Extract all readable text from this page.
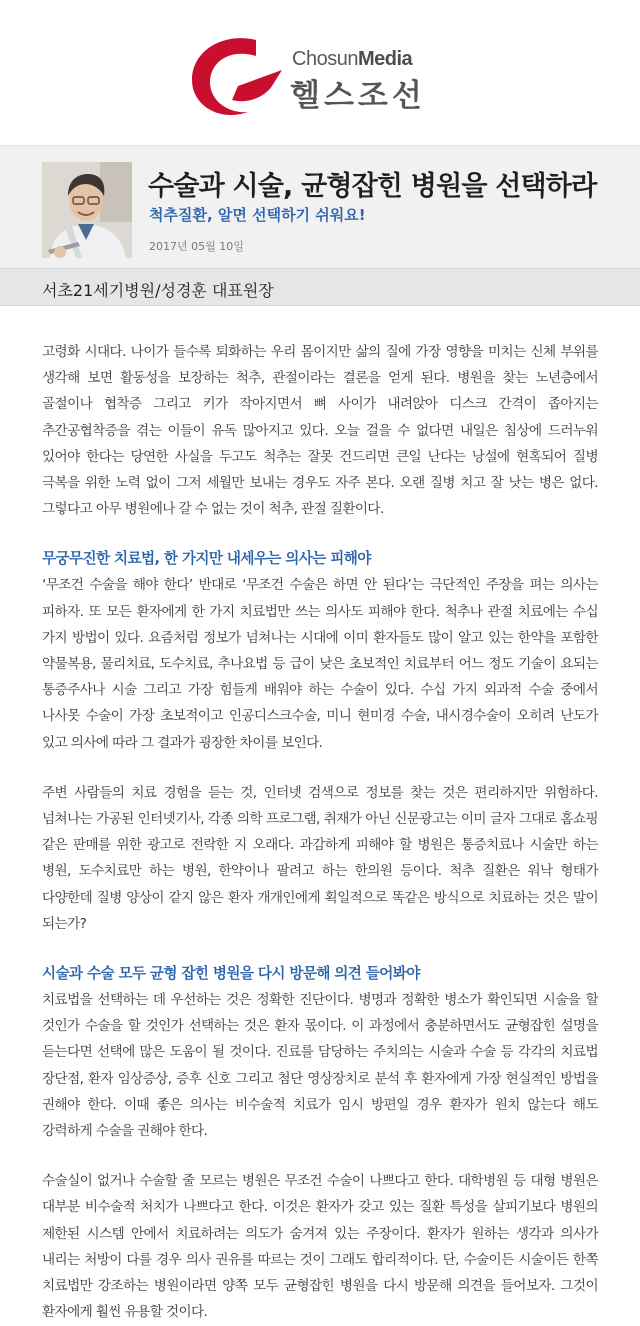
ChosunMedia
헬스조선
수술과 시술, 균형잡힌 병원을 선택하라
척추질환, 알면 선택하기 쉬워요!
2017년 05월 10일
서초21세기병원/성경훈 대표원장

고령화 시대다. 나이가 들수록 퇴화하는 우리 몸이지만 삶의 질에 가장 영향을 미치는 신체 부위를 생각해 보면 활동성을 보장하는 척추, 관절이라는 결론을 얻게 된다. 병원을 찾는 노년층에서 골절이나 협착증 그리고 키가 작아지면서 뼈 사이가 내려앉아 디스크 간격이 좁아지는 추간공협착증을 겪는 이들이 유독 많아지고 있다. 오늘 걸을 수 없다면 내일은 침상에 드러누워 있어야 한다는 당연한 사실을 두고도 척추는 잘못 건드리면 큰일 난다는 낭설에 현혹되어 질병 극복을 위한 노력 없이 그저 세월만 보내는 경우도 자주 본다. 오랜 질병 치고 잘 낫는 병은 없다. 그렇다고 아무 병원에나 갈 수 없는 것이 척추, 관절 질환이다.

무궁무진한 치료법, 한 가지만 내세우는 의사는 피해야

‘무조건 수술을 해야 한다’ 반대로 ‘무조건 수술은 하면 안 된다’는 극단적인 주장을 펴는 의사는 피하자. 또 모든 환자에게 한 가지 치료법만 쓰는 의사도 피해야 한다. 척추나 관절 치료에는 수십 가지 방법이 있다. 요즘처럼 정보가 넘쳐나는 시대에 이미 환자들도 많이 알고 있는 한약을 포함한 약물복용, 물리치료, 도수치료, 추나요법 등 급이 낮은 초보적인 치료부터 어느 정도 기술이 요되는 통증주사나 시술 그리고 가장 힘들게 배워야 하는 수술이 있다. 수십 가지 외과적 수술 중에서 나사못 수술이 가장 초보적이고 인공디스크수술, 미니 현미경 수술, 내시경수술이 오히려 난도가 있고 의사에 따라 그 결과가 굉장한 차이를 보인다.

주변 사람들의 치료 경험을 듣는 것, 인터넷 검색으로 정보를 찾는 것은 편리하지만 위험하다. 넘쳐나는 가공된 인터넷기사, 각종 의학 프로그램, 취재가 아닌 신문광고는 이미 글자 그대로 홈쇼핑 같은 판매를 위한 광고로 전락한 지 오래다. 과감하게 피해야 할 병원은 통증치료나 시술만 하는 병원, 도수치료만 하는 병원, 한약이나 팔려고 하는 한의원 등이다. 척추 질환은 워낙 형태가 다양한데 질병 양상이 같지 않은 환자 개개인에게 획일적으로 똑같은 방식으로 치료하는 것은 말이 되는가?

시술과 수술 모두 균형 잡힌 병원을 다시 방문해 의견 들어봐야

치료법을 선택하는 데 우선하는 것은 정확한 진단이다. 병명과 정확한 병소가 확인되면 시술을 할 것인가 수술을 할 것인가 선택하는 것은 환자 몫이다. 이 과정에서 충분하면서도 균형잡힌 설명을 듣는다면 선택에 많은 도움이 될 것이다. 진료를 담당하는 주치의는 시술과 수술 등 각각의 치료법 장단점, 환자 임상증상, 증후 신호 그리고 첨단 영상장치로 분석 후 환자에게 가장 현실적인 방법을 권해야 한다. 이때 좋은 의사는 비수술적 치료가 임시 방편일 경우 환자가 원치 않는다 해도 강력하게 수술을 권해야 한다.

수술실이 없거나 수술할 줄 모르는 병원은 무조건 수술이 나쁘다고 한다. 대학병원 등 대형 병원은 대부분 비수술적 처치가 나쁘다고 한다. 이것은 환자가 갖고 있는 질환 특성을 살피기보다 병원의 제한된 시스템 안에서 치료하려는 의도가 숨겨져 있는 주장이다. 환자가 원하는 생각과 의사가 내리는 처방이 다를 경우 의사 권유를 따르는 것이 그래도 합리적이다. 단, 수술이든 시술이든 한쪽 치료법만 강조하는 병원이라면 양쪽 모두 균형잡힌 병원을 다시 방문해 의견을 들어보자. 그것이 환자에게 훨씬 유용할 것이다.
